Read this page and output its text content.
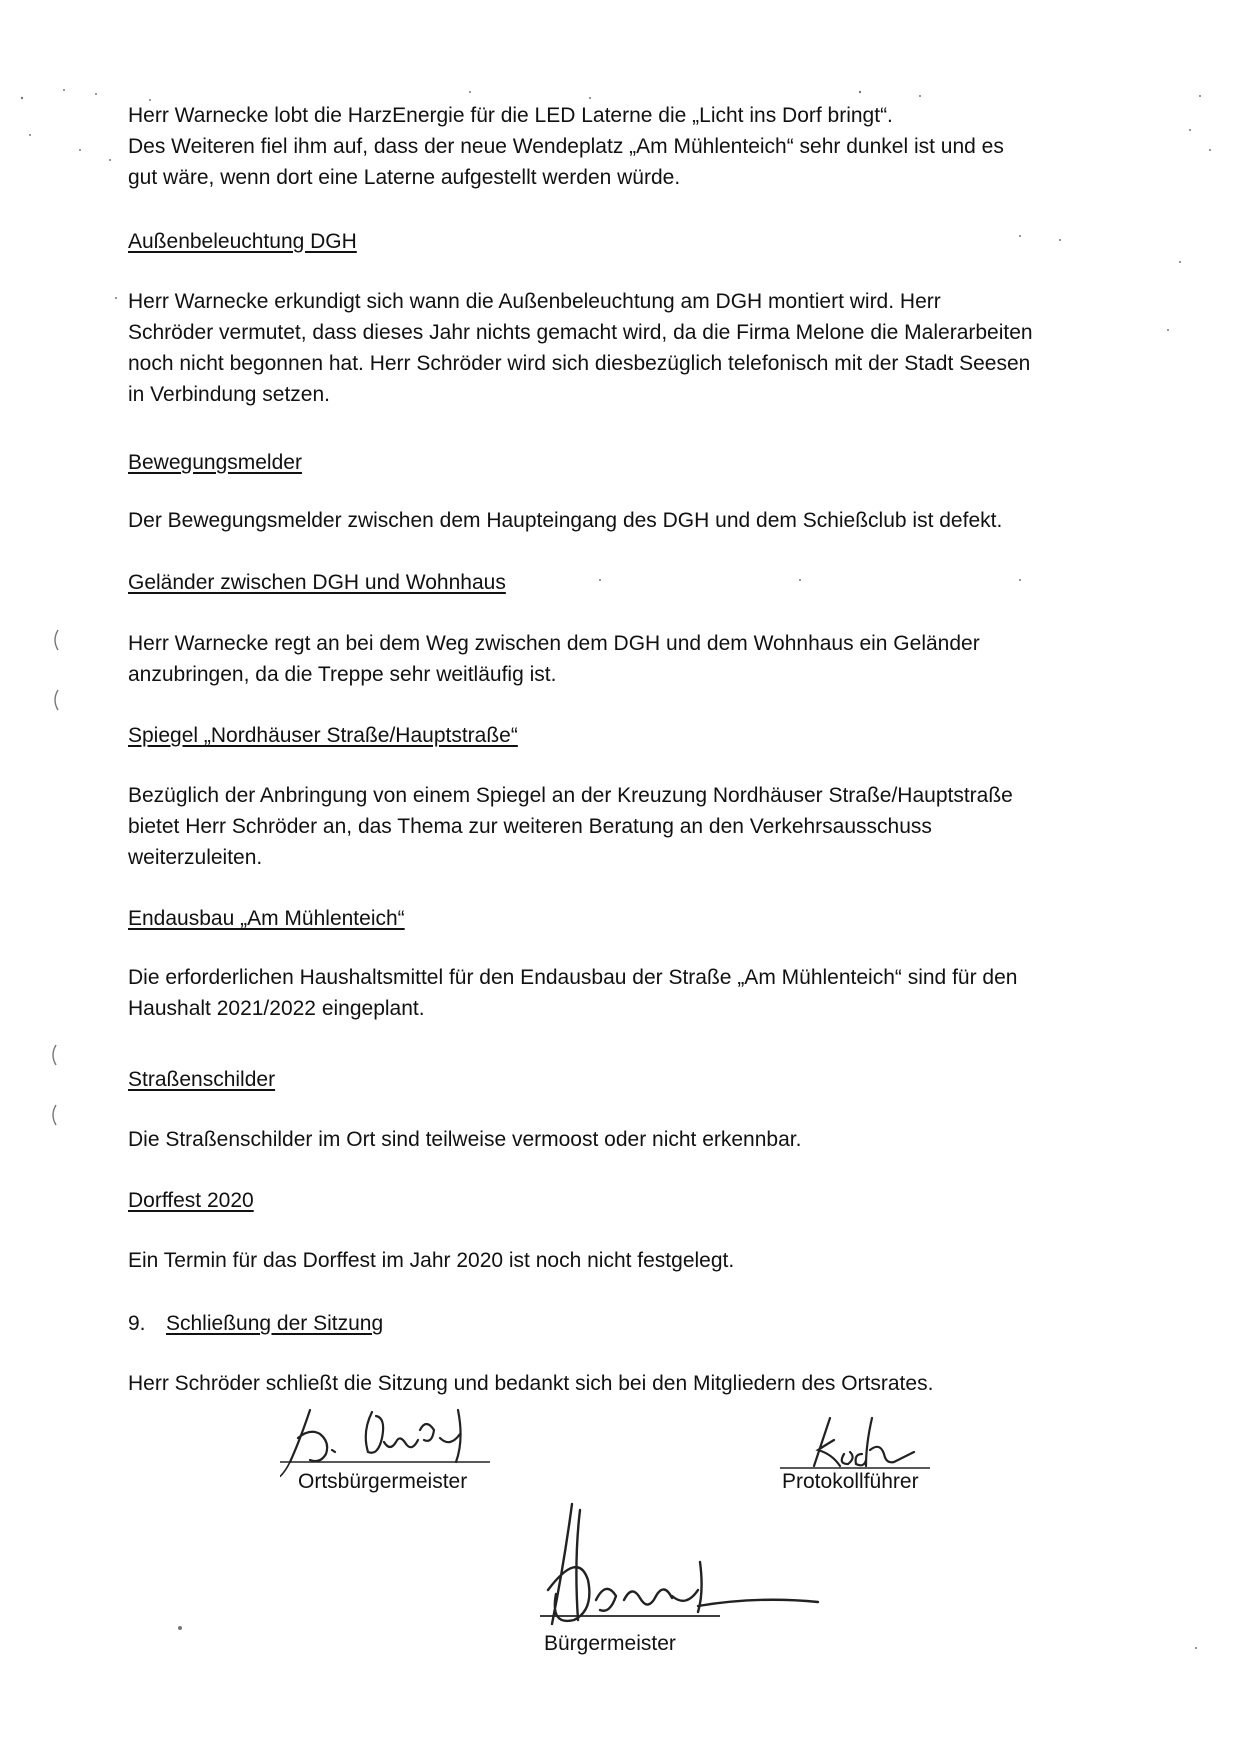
Herr Warnecke lobt die HarzEnergie für die LED Laterne die „Licht ins Dorf bringt“.
Des Weiteren fiel ihm auf, dass der neue Wendeplatz „Am Mühlenteich“ sehr dunkel ist und es
gut wäre, wenn dort eine Laterne aufgestellt werden würde.
Außenbeleuchtung DGH
Herr Warnecke erkundigt sich wann die Außenbeleuchtung am DGH montiert wird. Herr
Schröder vermutet, dass dieses Jahr nichts gemacht wird, da die Firma Melone die Malerarbeiten
noch nicht begonnen hat. Herr Schröder wird sich diesbezüglich telefonisch mit der Stadt Seesen
in Verbindung setzen.
Bewegungsmelder
Der Bewegungsmelder zwischen dem Haupteingang des DGH und dem Schießclub ist defekt.
Geländer zwischen DGH und Wohnhaus
Herr Warnecke regt an bei dem Weg zwischen dem DGH und dem Wohnhaus ein Geländer
anzubringen, da die Treppe sehr weitläufig ist.
Spiegel „Nordhäuser Straße/Hauptstraße“
Bezüglich der Anbringung von einem Spiegel an der Kreuzung Nordhäuser Straße/Hauptstraße
bietet Herr Schröder an, das Thema zur weiteren Beratung an den Verkehrsausschuss
weiterzuleiten.
Endausbau „Am Mühlenteich“
Die erforderlichen Haushaltsmittel für den Endausbau der Straße „Am Mühlenteich“ sind für den
Haushalt 2021/2022 eingeplant.
Straßenschilder
Die Straßenschilder im Ort sind teilweise vermoost oder nicht erkennbar.
Dorffest 2020
Ein Termin für das Dorffest im Jahr 2020 ist noch nicht festgelegt.
9. Schließung der Sitzung
Herr Schröder schließt die Sitzung und bedankt sich bei den Mitgliedern des Ortsrates.
Ortsbürgermeister	Protokollführer
Bürgermeister
